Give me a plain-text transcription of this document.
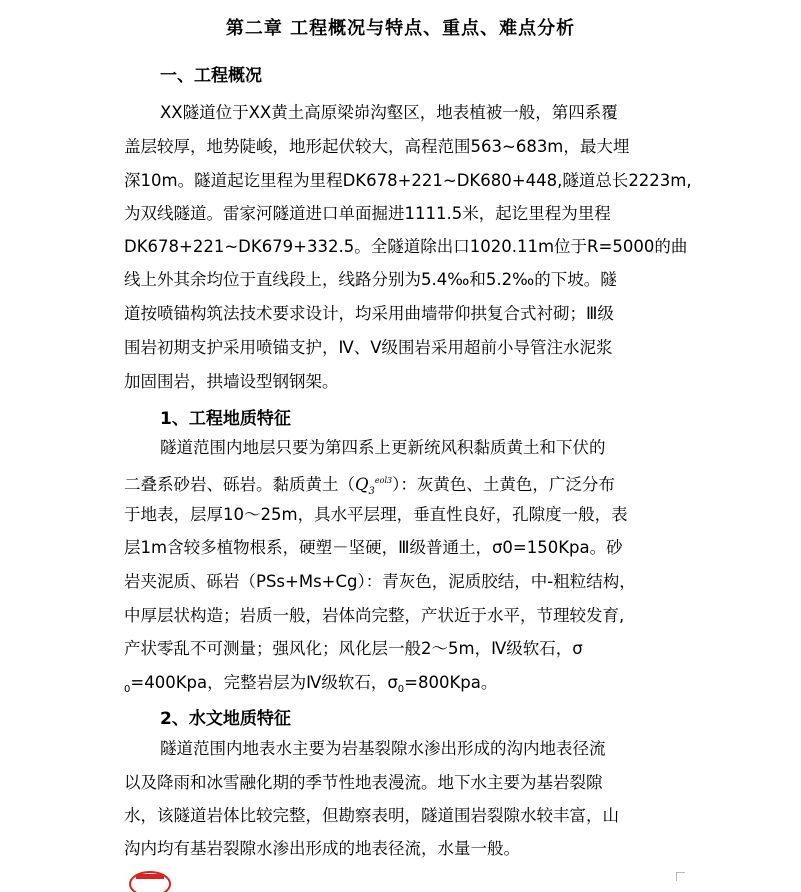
第二章 工程概况与特点、重点、难点分析
一、工程概况
XX隧道位于XX黄土高原梁峁沟壑区，地表植被一般，第四系覆
盖层较厚，地势陡峻，地形起伏较大，高程范围563~683m，最大埋
深10m。隧道起讫里程为里程DK678+221~DK680+448,隧道总长2223m,
为双线隧道。雷家河隧道进口单面掘进1111.5米，起讫里程为里程
DK678+221~DK679+332.5。全隧道除出口1020.11m位于R=5000的曲
线上外其余均位于直线段上，线路分别为5.4‰和5.2‰的下坡。隧
道按喷锚构筑法技术要求设计，均采用曲墙带仰拱复合式衬砌；Ⅲ级
围岩初期支护采用喷锚支护，Ⅳ、Ⅴ级围岩采用超前小导管注水泥浆
加固围岩，拱墙设型钢钢架。
1、工程地质特征
隧道范围内地层只要为第四系上更新统风积黏质黄土和下伏的
二叠系砂岩、砾岩。黏质黄土$(Q_3^{eol3})$：灰黄色、土黄色，广泛分布
于地表，层厚10～25m，具水平层理，垂直性良好，孔隙度一般，表
层1m含较多植物根系，硬塑－坚硬，Ⅲ级普通土，σ0=150Kpa。砂
岩夹泥质、砾岩（PSs+Ms+Cg）：青灰色，泥质胶结，中-粗粒结构，
中厚层状构造；岩质一般，岩体尚完整，产状近于水平，节理较发育,
产状零乱不可测量；强风化；风化层一般2～5m，Ⅳ级软石，σ
$_0$=400Kpa，完整岩层为Ⅳ级软石，$\sigma_0=800Kpa$。
2、水文地质特征
隧道范围内地表水主要为岩基裂隙水渗出形成的沟内地表径流
以及降雨和冰雪融化期的季节性地表漫流。地下水主要为基岩裂隙
水，该隧道岩体比较完整，但勘察表明，隧道围岩裂隙水较丰富，山
沟内均有基岩裂隙水渗出形成的地表径流，水量一般。
